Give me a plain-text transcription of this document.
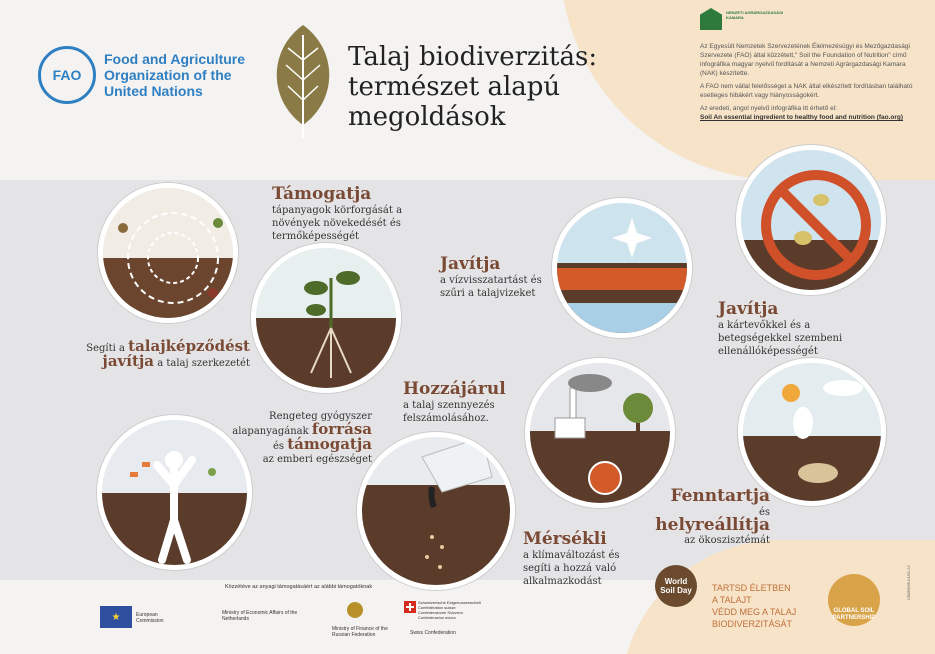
FAO
Food and Agriculture
Organization of the
United Nations
Talaj biodiverzitás:
természet alapú
megoldások
NEMZETI AGRÁRGAZDASÁGI KAMARA

Az Egyesült Nemzetek Szervezetének Élelmezésügyi és Mezőgazdasági Szervezete (FAO) által közzétett," Soil the Foundation of Nutrition" című infográfika magyar nyelvű fordítását a Nemzeti Agrárgazdasági Kamara (NAK) készítette.

A FAO nem vállal felelősséget a NAK által elkészített fordításban található esetleges hibákért vagy hiányosságokért.

Az eredeti, angol nyelvű infográfika itt érhető el:

Soil An essential ingredient to healthy food and nutrition (fao.org)

Segíti a talajképződést
javítja a talaj szerkezetét
Támogatja
tápanyagok körforgását a növények növekedését és termőképességét
Javítja
a vízvisszatartást és szűri a talajvizeket
Javítja
a kártevőkkel és a betegségekkel szembeni ellenállóképességét
Rengeteg gyógyszer alapanyagának forrása
és támogatja
az emberi egészséget
Hozzájárul
a talaj szennyezés felszámolásához.
Mérsékli
a klímaváltozást és segíti a hozzá való alkalmazkodást
Fenntartja
és helyreállítja
az ökoszisztémát
Közzétéve az anyagi támogatásáért az alábbi támogatóknak
★	European
Commission
Ministry of Economic Affairs of the Netherlands
Ministry of Finance of the Russian Federation
Schweizerische Eidgenossenschaft
Confédération suisse
Confederazione Svizzera
Confederaziun svizra
Swiss Confederation
World
Soil Day	TARTSD ÉLETBEN
A TALAJT
VÉDD MEG A TALAJ
BIODIVERZITÁSÁT
GLOBAL SOIL
PARTNERSHIP
CB8690HU/1/01.22
